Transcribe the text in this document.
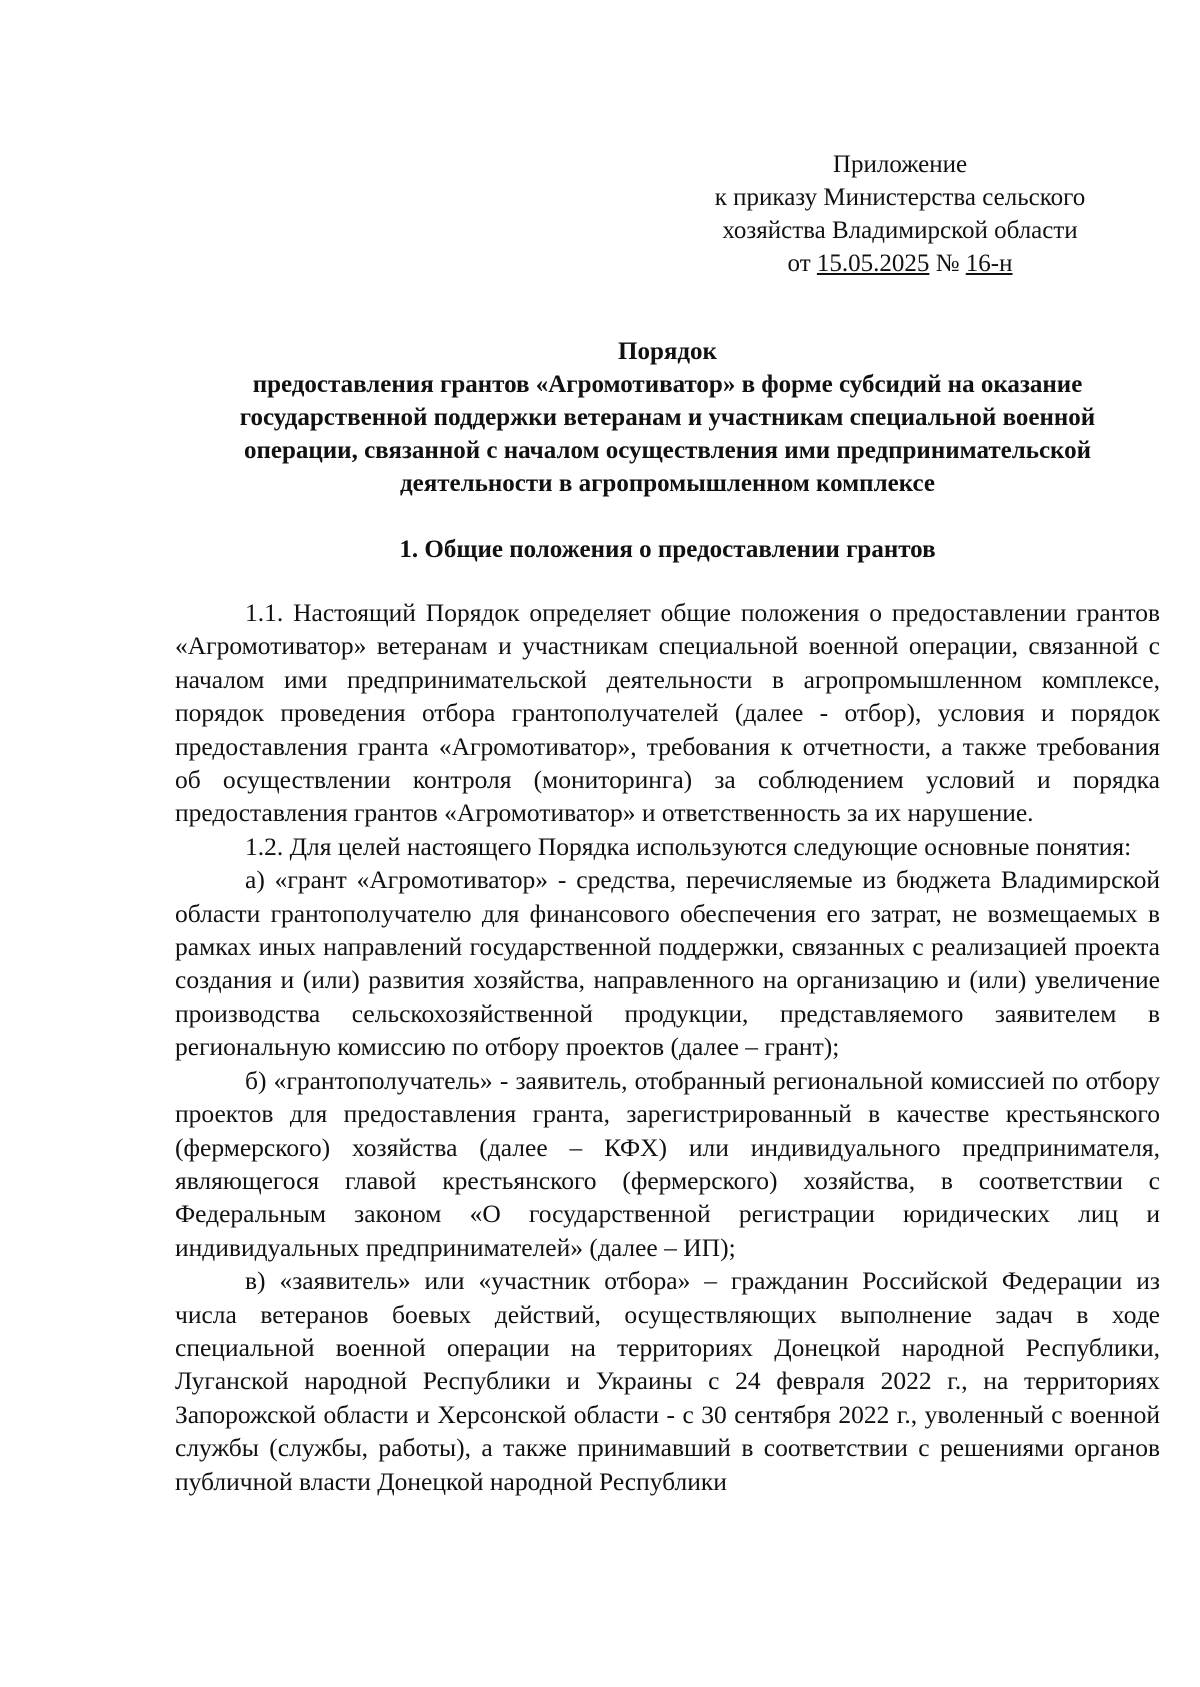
Приложение
к приказу Министерства сельского
хозяйства Владимирской области
от 15.05.2025 № 16-н
Порядок
предоставления грантов «Агромотиватор» в форме субсидий на оказание
государственной поддержки ветеранам и участникам специальной военной
операции, связанной с началом осуществления ими предпринимательской
деятельности в агропромышленном комплексе
1. Общие положения о предоставлении грантов

1.1. Настоящий Порядок определяет общие положения о предоставлении грантов «Агромотиватор» ветеранам и участникам специальной военной операции, связанной с началом ими предпринимательской деятельности в агропромышленном комплексе, порядок проведения отбора грантополучателей (далее - отбор), условия и порядок предоставления гранта «Агромотиватор», требования к отчетности, а также требования об осуществлении контроля (мониторинга) за соблюдением условий и порядка предоставления грантов «Агромотиватор» и ответственность за их нарушение.

1.2. Для целей настоящего Порядка используются следующие основные понятия:

а) «грант «Агромотиватор» - средства, перечисляемые из бюджета Владимирской области грантополучателю для финансового обеспечения его затрат, не возмещаемых в рамках иных направлений государственной поддержки, связанных с реализацией проекта создания и (или) развития хозяйства, направленного на организацию и (или) увеличение производства сельскохозяйственной продукции, представляемого заявителем в региональную комиссию по отбору проектов (далее – грант);

б) «грантополучатель» - заявитель, отобранный региональной комиссией по отбору проектов для предоставления гранта, зарегистрированный в качестве крестьянского (фермерского) хозяйства (далее – КФХ) или индивидуального предпринимателя, являющегося главой крестьянского (фермерского) хозяйства, в соответствии с Федеральным законом «О государственной регистрации юридических лиц и индивидуальных предпринимателей» (далее – ИП);

в) «заявитель» или «участник отбора» – гражданин Российской Федерации из числа ветеранов боевых действий, осуществляющих выполнение задач в ходе специальной военной операции на территориях Донецкой народной Республики, Луганской народной Республики и Украины с 24 февраля 2022 г., на территориях Запорожской области и Херсонской области - с 30 сентября 2022 г., уволенный с военной службы (службы, работы), а также принимавший в соответствии с решениями органов публичной власти Донецкой народной Республики
